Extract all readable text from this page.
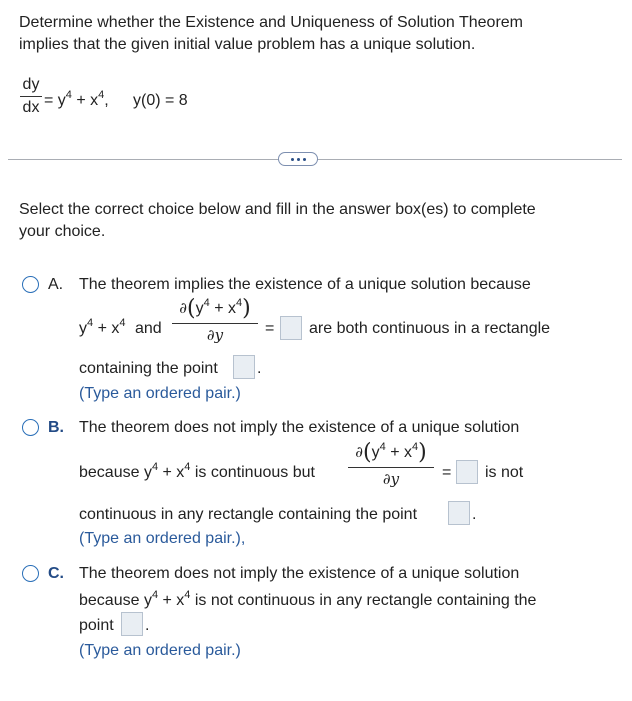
Determine whether the Existence and Uniqueness of Solution Theorem
implies that the given initial value problem has a unique solution.
dy
dx = $y^4 + x^4$, y(0) = 8
Select the correct choice below and fill in the answer box(es) to complete
your choice.
A. The theorem implies the existence of a unique solution because
$y^4 + x^4$ and
$\partial(y^4 + x^4)$
∂y	= are both continuous in a rectangle
containing the point .
(Type an ordered pair.)
B. The theorem does not imply the existence of a unique solution
because $y^4 + x^4$ is continuous but
$\partial(y^4 + x^4)$
∂y	= is not
continuous in any rectangle containing the point	.
(Type an ordered pair.),
C. The theorem does not imply the existence of a unique solution
because $y^4 + x^4$ is not continuous in any rectangle containing the
point .
(Type an ordered pair.)
